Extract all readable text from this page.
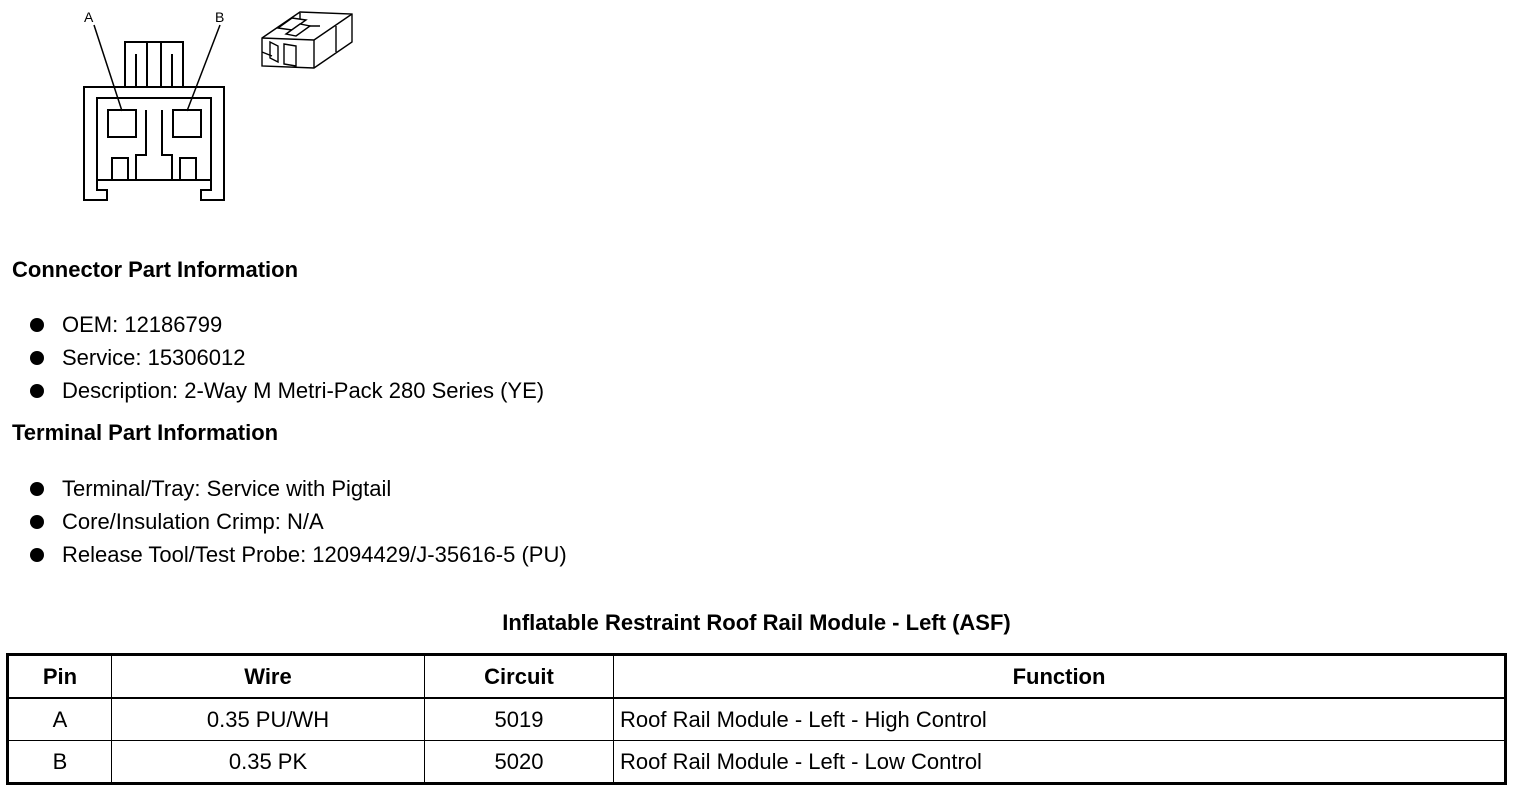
A	B
Connector Part Information
OEM: 12186799
Service: 15306012
Description: 2-Way M Metri-Pack 280 Series (YE)
Terminal Part Information
Terminal/Tray: Service with Pigtail
Core/Insulation Crimp: N/A
Release Tool/Test Probe: 12094429/J-35616-5 (PU)
Inflatable Restraint Roof Rail Module - Left (ASF)
Pin	Wire	Circuit	Function
A	0.35 PU/WH	5019	Roof Rail Module - Left - High Control
B	0.35 PK	5020	Roof Rail Module - Left - Low Control
